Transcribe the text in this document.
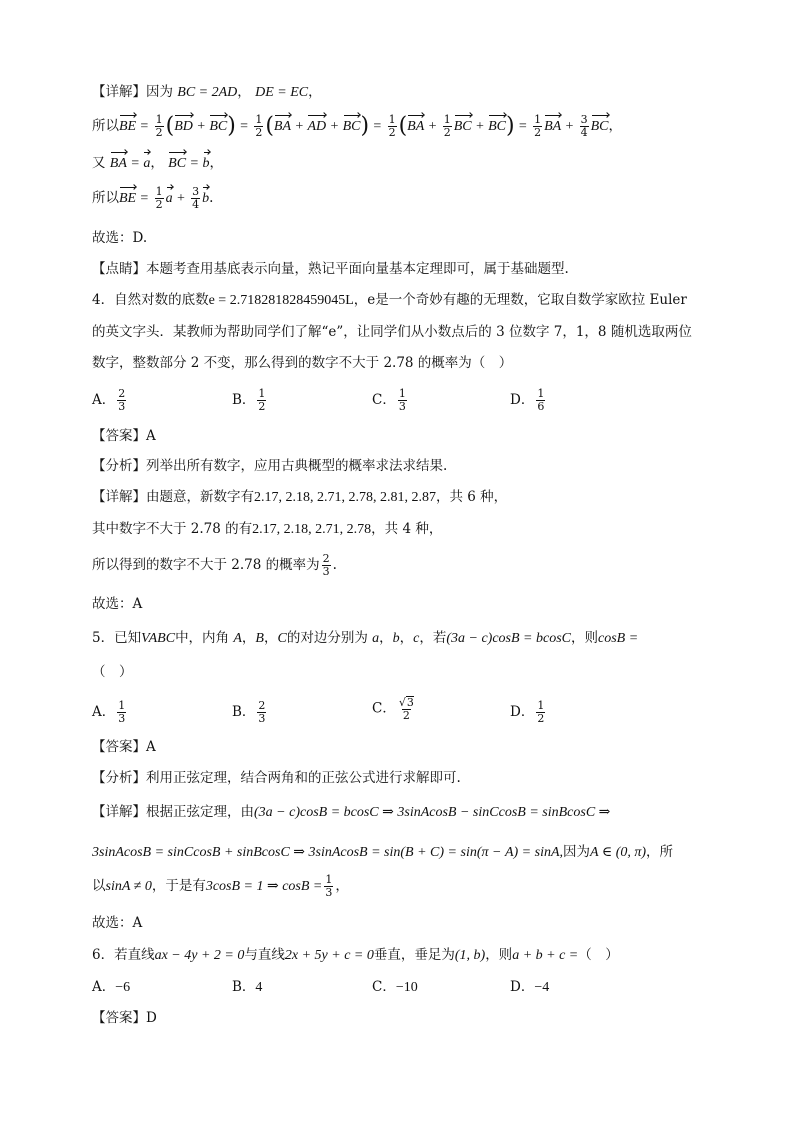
【详解】因为 BC = 2AD， DE = EC，
所以BE = $\frac{1}{2} (BD + BC) = \frac{1}{2} (BA$ + AD + $BC) = \frac{1}{2} (BA + \frac{1}{2}$ BC + $BC) = \frac{1}{2}$ BA + $\frac{3}{4}$ BC，
又 BA = a， BC = b，
所以BE = $\frac{1}{2}$ $a + \frac{3}{4} b$.
故选：D.
【点睛】本题考查用基底表示向量，熟记平面向量基本定理即可，属于基础题型.
4．自然对数的底数e = 2.718281828459045L，e是一个奇妙有趣的无理数，它取自数学家欧拉 Euler
的英文字头．某教师为帮助同学们了解“e”，让同学们从小数点后的 3 位数字 7，1，8 随机选取两位
数字，整数部分 2 不变，那么得到的数字不大于 2.78 的概率为（　）
A． $\frac{2}{3}$	B． $\frac{1}{2}$	C． $\frac{1}{3}$	D． $\frac{1}{6}$
【答案】A
【分析】列举出所有数字，应用古典概型的概率求法求结果.
【详解】由题意，新数字有2.17, 2.18, 2.71, 2.78, 2.81, 2.87，共 6 种，
其中数字不大于 2.78 的有2.17, 2.18, 2.71, 2.78，共 4 种，
所以得到的数字不大于 2.78 的概率为 $\frac{2}{3}$ .
故选：A
5．已知VABC中，内角 A，B，C的对边分别为 a，b，c，若(3a − c)cosB = bcosC，则cosB =
（　）
A． $\frac{1}{3}$	B． $\frac{2}{3}$	C． $\frac{√3}{2}$	D． $\frac{1}{2}$
【答案】A
【分析】利用正弦定理，结合两角和的正弦公式进行求解即可.
【详解】根据正弦定理，由(3a − c)cosB = bcosC ⇒ 3sinAcosB − sinCcosB = sinBcosC ⇒
3sinAcosB = sinCcosB + sinBcosC ⇒ 3sinAcosB = sin(B + C) = sin(π − A) = sinA,因为A ∈ (0, π)，所
以sinA ≠ 0，于是有3cosB = 1 ⇒ $\cos B = \frac{1}{3}$ ，
故选：A
6．若直线ax − 4y + 2 = 0与直线2x + 5y + c = 0垂直，垂足为(1, b)，则a + b + c =（　）
A．−6	B．4	C．−10	D．−4
【答案】D
